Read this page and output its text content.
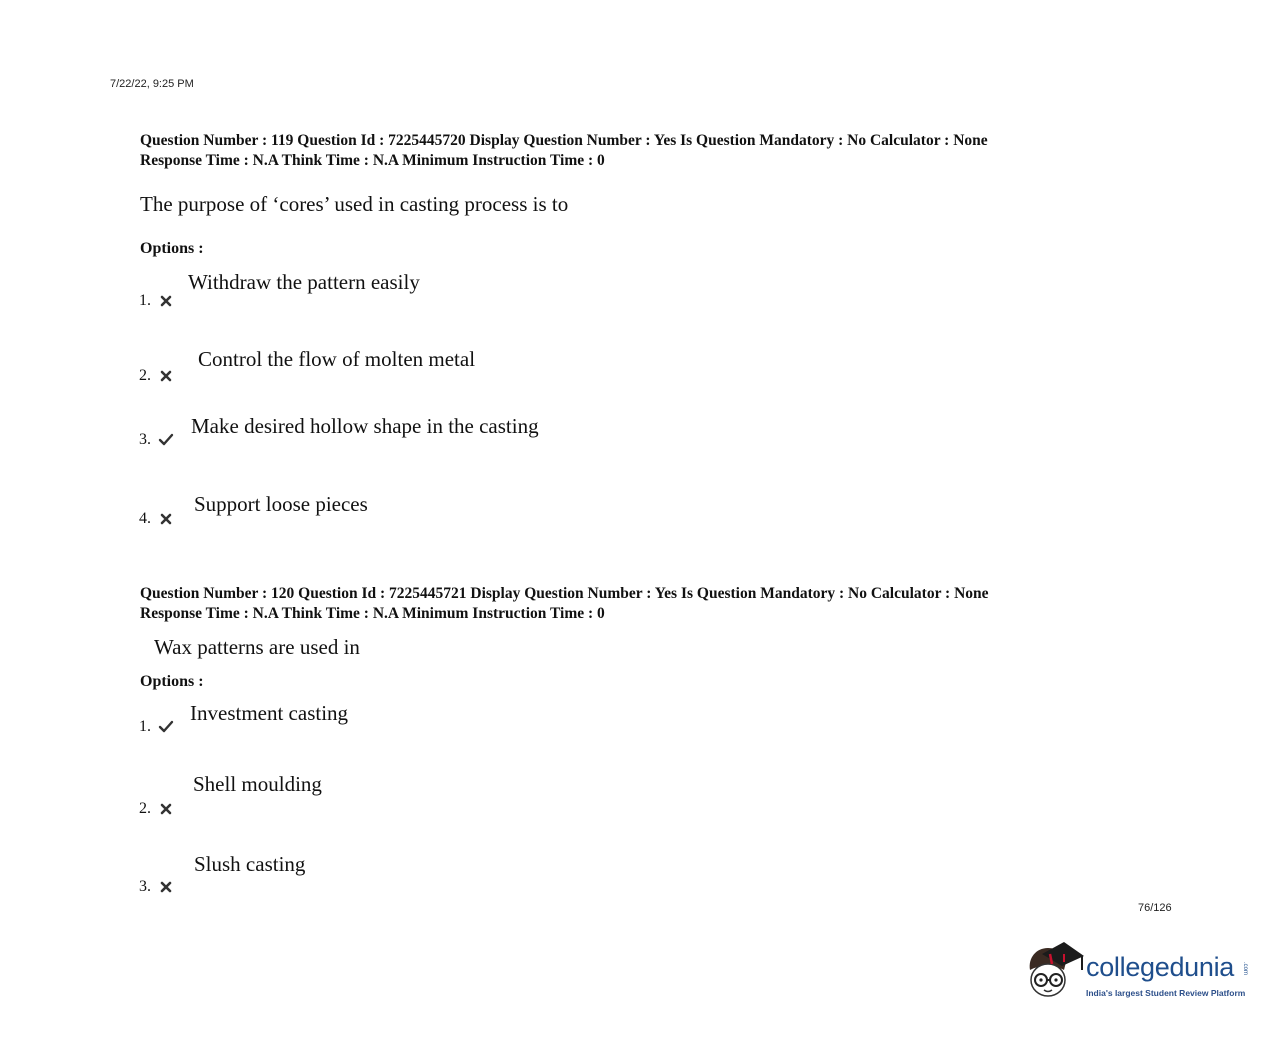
7/22/22, 9:25 PM
Question Number : 119 Question Id : 7225445720 Display Question Number : Yes Is Question Mandatory : No Calculator : None
Response Time : N.A Think Time : N.A Minimum Instruction Time : 0
The purpose of ‘cores’ used in casting process is to
Options :
1.
Withdraw the pattern easily
2.
Control the flow of molten metal
3.
Make desired hollow shape in the casting
4.
Support loose pieces
Question Number : 120 Question Id : 7225445721 Display Question Number : Yes Is Question Mandatory : No Calculator : None
Response Time : N.A Think Time : N.A Minimum Instruction Time : 0
Wax patterns are used in
Options :
1.
Investment casting
2.
Shell moulding
3.
Slush casting
76/126
collegedunia .com
India's largest Student Review Platform
